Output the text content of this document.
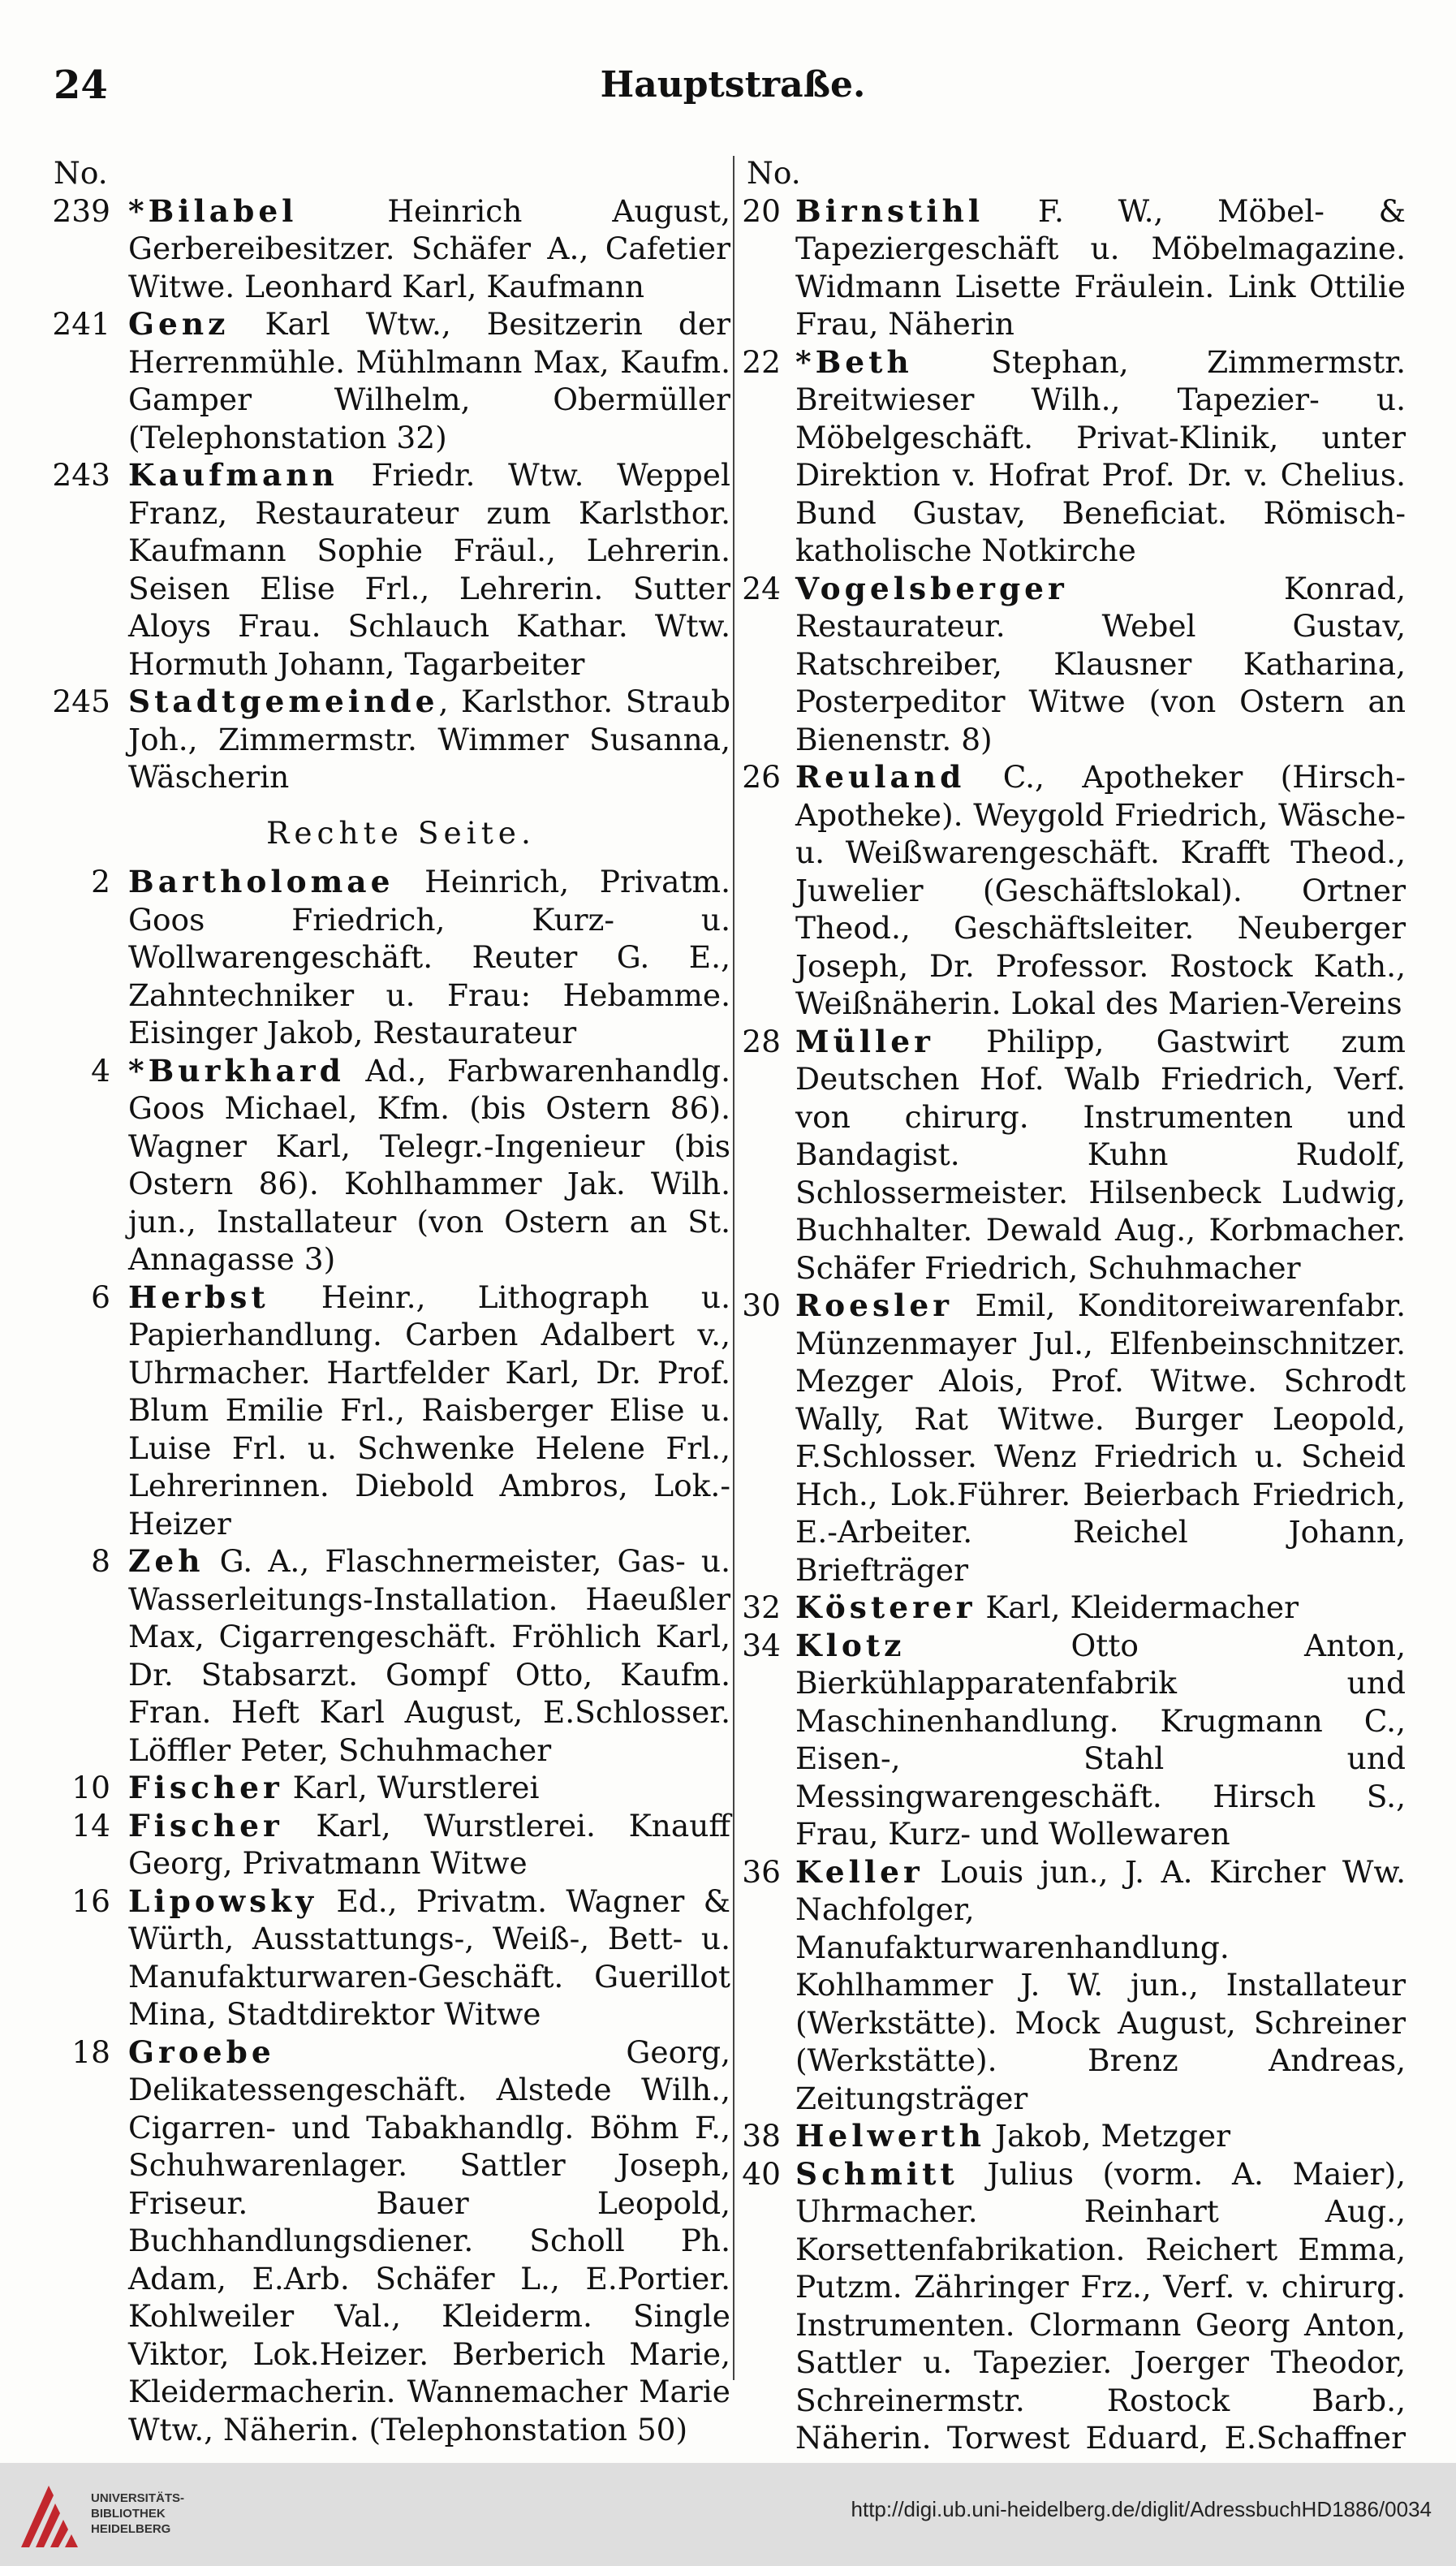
24	Hauptstraße.
No.
239 *Bilabel Heinrich August, Gerbereibesitzer. Schäfer A., Cafetier Witwe. Leonhard Karl, Kaufmann
241 Genz Karl Wtw., Besitzerin der Herrenmühle. Mühlmann Max, Kaufm. Gamper Wilhelm, Obermüller (Telephonstation 32)
243 Kaufmann Friedr. Wtw. Weppel Franz, Restaurateur zum Karlsthor. Kaufmann Sophie Fräul., Lehrerin. Seisen Elise Frl., Lehrerin. Sutter Aloys Frau. Schlauch Kathar. Wtw. Hormuth Johann, Tagarbeiter
245 Stadtgemeinde, Karlsthor. Straub Joh., Zimmermstr. Wimmer Susanna, Wäscherin
Rechte Seite.
2 Bartholomae Heinrich, Privatm. Goos Friedrich, Kurz- u. Wollwarengeschäft. Reuter G. E., Zahntechniker u. Frau: Hebamme. Eisinger Jakob, Restaurateur
4 *Burkhard Ad., Farbwarenhandlg. Goos Michael, Kfm. (bis Ostern 86). Wagner Karl, Telegr.-Ingenieur (bis Ostern 86). Kohlhammer Jak. Wilh. jun., Installateur (von Ostern an St. Annagasse 3)
6 Herbst Heinr., Lithograph u. Papierhandlung. Carben Adalbert v., Uhrmacher. Hartfelder Karl, Dr. Prof. Blum Emilie Frl., Raisberger Elise u. Luise Frl. u. Schwenke Helene Frl., Lehrerinnen. Diebold Ambros, Lok.-Heizer
8 Zeh G. A., Flaschnermeister, Gas- u. Wasserleitungs-Installation. Haeußler Max, Cigarrengeschäft. Fröhlich Karl, Dr. Stabsarzt. Gompf Otto, Kaufm. Fran. Heft Karl August, E.Schlosser. Löffler Peter, Schuhmacher
10 Fischer Karl, Wurstlerei
14 Fischer Karl, Wurstlerei. Knauff Georg, Privatmann Witwe
16 Lipowsky Ed., Privatm. Wagner & Würth, Ausstattungs-, Weiß-, Bett- u. Manufakturwaren-Geschäft. Guerillot Mina, Stadtdirektor Witwe
18 Groebe Georg, Delikatessengeschäft. Alstede Wilh., Cigarren- und Tabakhandlg. Böhm F., Schuhwarenlager. Sattler Joseph, Friseur. Bauer Leopold, Buchhandlungsdiener. Scholl Ph. Adam, E.Arb. Schäfer L., E.Portier. Kohlweiler Val., Kleiderm. Single Viktor, Lok.Heizer. Berberich Marie, Kleidermacherin. Wannemacher Marie Wtw., Näherin. (Telephonstation 50)
No.
20 Birnstihl F. W., Möbel- & Tapeziergeschäft u. Möbelmagazine. Widmann Lisette Fräulein. Link Ottilie Frau, Näherin
22 *Beth Stephan, Zimmermstr. Breitwieser Wilh., Tapezier- u. Möbelgeschäft. Privat-Klinik, unter Direktion v. Hofrat Prof. Dr. v. Chelius. Bund Gustav, Beneficiat. Römisch-katholische Notkirche
24 Vogelsberger Konrad, Restaurateur. Webel Gustav, Ratschreiber, Klausner Katharina, Posterpeditor Witwe (von Ostern an Bienenstr. 8)
26 Reuland C., Apotheker (Hirsch-Apotheke). Weygold Friedrich, Wäsche- u. Weißwarengeschäft. Krafft Theod., Juwelier (Geschäftslokal). Ortner Theod., Geschäftsleiter. Neuberger Joseph, Dr. Professor. Rostock Kath., Weißnäherin. Lokal des Marien-Vereins
28 Müller Philipp, Gastwirt zum Deutschen Hof. Walb Friedrich, Verf. von chirurg. Instrumenten und Bandagist. Kuhn Rudolf, Schlossermeister. Hilsenbeck Ludwig, Buchhalter. Dewald Aug., Korbmacher. Schäfer Friedrich, Schuhmacher
30 Roesler Emil, Konditoreiwarenfabr. Münzenmayer Jul., Elfenbeinschnitzer. Mezger Alois, Prof. Witwe. Schrodt Wally, Rat Witwe. Burger Leopold, F.Schlosser. Wenz Friedrich u. Scheid Hch., Lok.Führer. Beierbach Friedrich, E.-Arbeiter. Reichel Johann, Briefträger
32 Kösterer Karl, Kleidermacher
34 Klotz Otto Anton, Bierkühlapparatenfabrik und Maschinenhandlung. Krugmann C., Eisen-, Stahl und Messingwarengeschäft. Hirsch S., Frau, Kurz- und Wollewaren
36 Keller Louis jun., J. A. Kircher Ww. Nachfolger, Manufakturwarenhandlung. Kohlhammer J. W. jun., Installateur (Werkstätte). Mock August, Schreiner (Werkstätte). Brenz Andreas, Zeitungsträger
38 Helwerth Jakob, Metzger
40 Schmitt Julius (vorm. A. Maier), Uhrmacher. Reinhart Aug., Korsettenfabrikation. Reichert Emma, Putzm. Zähringer Frz., Verf. v. chirurg. Instrumenten. Clormann Georg Anton, Sattler u. Tapezier. Joerger Theodor, Schreinermstr. Rostock Barb., Näherin. Torwest Eduard, E.Schaffner
UNIVERSITÄTS-
BIBLIOTHEK
HEIDELBERG
http://digi.ub.uni-heidelberg.de/diglit/AdressbuchHD1886/0034
